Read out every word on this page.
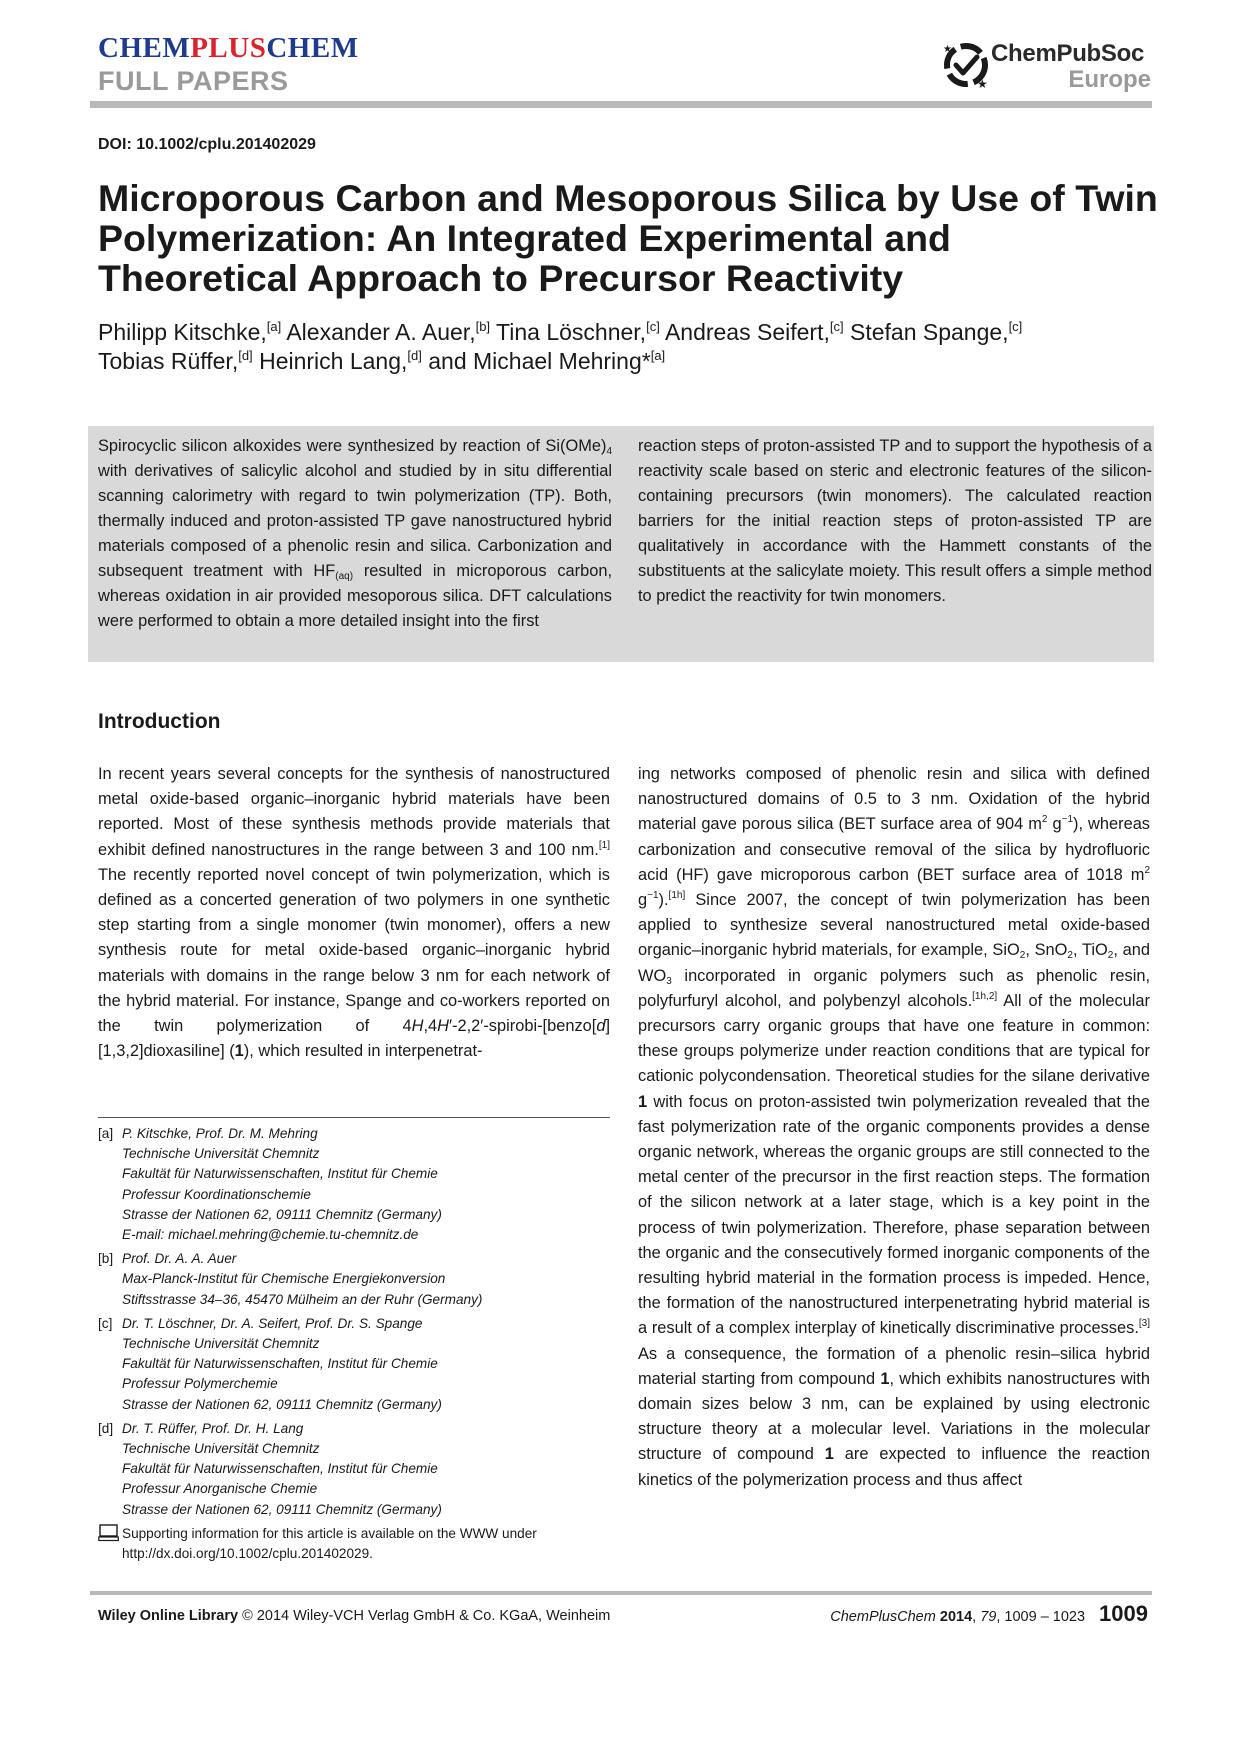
CHEMPLUSCHEM
FULL PAPERS	★
★ ChemPubSoc
Europe
DOI: 10.1002/cplu.201402029
Microporous Carbon and Mesoporous Silica by Use of Twin Polymerization: An Integrated Experimental and Theoretical Approach to Precursor Reactivity
Philipp Kitschke,[a] Alexander A. Auer,[b] Tina Löschner,[c] Andreas Seifert,[c] Stefan Spange,[c]
Tobias Rüffer,[d] Heinrich Lang,[d] and Michael Mehring*[a]
Spirocyclic silicon alkoxides were synthesized by reaction of $Si(OMe)_4$ with derivatives of salicylic alcohol and studied by in situ differential scanning calorimetry with regard to twin polymerization (TP). Both, thermally induced and proton-assisted TP gave nanostructured hybrid materials composed of a phenolic resin and silica. Carbonization and subsequent treatment with $HF_{(aq)}$ resulted in microporous carbon, whereas oxidation in air provided mesoporous silica. DFT calculations were performed to obtain a more detailed insight into the first
reaction steps of proton-assisted TP and to support the hypothesis of a reactivity scale based on steric and electronic features of the silicon-containing precursors (twin monomers). The calculated reaction barriers for the initial reaction steps of proton-assisted TP are qualitatively in accordance with the Hammett constants of the substituents at the salicylate moiety. This result offers a simple method to predict the reactivity for twin monomers.
Introduction
In recent years several concepts for the synthesis of nanostructured metal oxide-based organic–inorganic hybrid materials have been reported. Most of these synthesis methods provide materials that exhibit defined nanostructures in the range between 3 and 100 nm.[1] The recently reported novel concept of twin polymerization, which is defined as a concerted generation of two polymers in one synthetic step starting from a single monomer (twin monomer), offers a new synthesis route for metal oxide-based organic–inorganic hybrid materials with domains in the range below 3 nm for each network of the hybrid material. For instance, Spange and co-workers reported on the twin polymerization of 4H,4H′-2,2′-spirobi-[benzo[d][1,3,2]dioxasiline] (1), which resulted in interpenetrat-
ing networks composed of phenolic resin and silica with defined nanostructured domains of 0.5 to 3 nm. Oxidation of the hybrid material gave porous silica (BET surface area of 904 $m^2$ $g^{-1}$), whereas carbonization and consecutive removal of the silica by hydrofluoric acid (HF) gave microporous carbon (BET surface area of 1018 $m^2$ $g^{-1}).[1h]$ Since 2007, the concept of twin polymerization has been applied to synthesize several nanostructured metal oxide-based organic–inorganic hybrid materials, for example, SiO$_2$, SnO$_2$, TiO$_2$, and $WO_3$ incorporated in organic polymers such as phenolic resin, polyfurfuryl alcohol, and polybenzyl alcohols.[1h,2] All of the molecular precursors carry organic groups that have one feature in common: these groups polymerize under reaction conditions that are typical for cationic polycondensation. Theoretical studies for the silane derivative 1 with focus on proton-assisted twin polymerization revealed that the fast polymerization rate of the organic components provides a dense organic network, whereas the organic groups are still connected to the metal center of the precursor in the first reaction steps. The formation of the silicon network at a later stage, which is a key point in the process of twin polymerization. Therefore, phase separation between the organic and the consecutively formed inorganic components of the resulting hybrid material in the formation process is impeded. Hence, the formation of the nanostructured interpenetrating hybrid material is a result of a complex interplay of kinetically discriminative processes.[3] As a consequence, the formation of a phenolic resin–silica hybrid material starting from compound 1, which exhibits nanostructures with domain sizes below 3 nm, can be explained by using electronic structure theory at a molecular level. Variations in the molecular structure of compound 1 are expected to influence the reaction kinetics of the polymerization process and thus affect
[a] P. Kitschke, Prof. Dr. M. Mehring
Technische Universität Chemnitz
Fakultät für Naturwissenschaften, Institut für Chemie
Professur Koordinationschemie
Strasse der Nationen 62, 09111 Chemnitz (Germany)
E-mail: michael.mehring@chemie.tu-chemnitz.de
[b] Prof. Dr. A. A. Auer
Max-Planck-Institut für Chemische Energiekonversion
Stiftsstrasse 34–36, 45470 Mülheim an der Ruhr (Germany)
[c] Dr. T. Löschner, Dr. A. Seifert, Prof. Dr. S. Spange
Technische Universität Chemnitz
Fakultät für Naturwissenschaften, Institut für Chemie
Professur Polymerchemie
Strasse der Nationen 62, 09111 Chemnitz (Germany)
[d] Dr. T. Rüffer, Prof. Dr. H. Lang
Technische Universität Chemnitz
Fakultät für Naturwissenschaften, Institut für Chemie
Professur Anorganische Chemie
Strasse der Nationen 62, 09111 Chemnitz (Germany)
Supporting information for this article is available on the WWW under
http://dx.doi.org/10.1002/cplu.201402029.
Wiley Online Library © 2014 Wiley-VCH Verlag GmbH & Co. KGaA, Weinheim	ChemPlusChem 2014, 79, 1009 – 1023 1009
